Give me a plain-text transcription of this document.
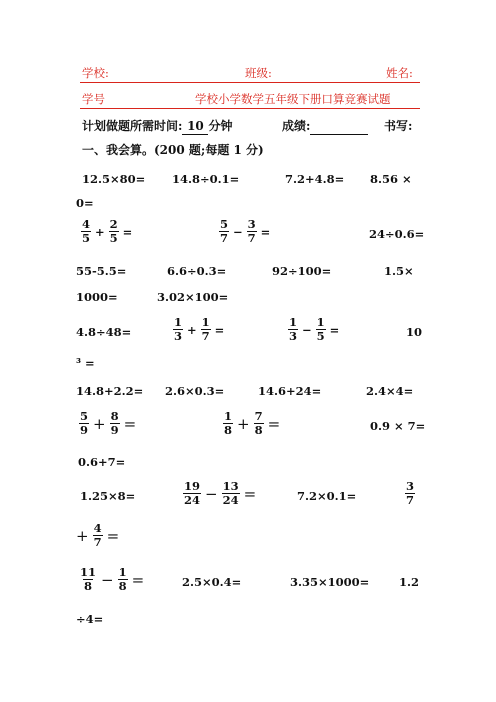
学校:	班级:	姓名:
学号	学校小学数学五年级下册口算竞赛试题
计划做题所需时间: 10 分钟	成绩:	书写:
一、我会算。(200 题;每题 1 分)
12.5×80= 14.8÷0.1=	7.2+4.8= 8.56 ×
0=
$\frac{4}{5} + \frac{2}{5}$ =	$\frac{5}{7} - \frac{3}{7}$ =	24÷0.6=
55-5.5=	6.6÷0.3=	92÷100=	1.5×
1000=	3.02×100=
4.8÷48=	$\frac{1}{3} + \frac{1}{7}$ =	$\frac{1}{3} - \frac{1}{5}$ =	10
³ =
14.8+2.2= 2.6×0.3=	14.6+24=	2.4×4=
$\frac{5}{9} + \frac{8}{9}$ =	$\frac{1}{8} + \frac{7}{8}$ =	0.9 × 7=
0.6+7=
1.25×8=	$\frac{19}{24} - \frac{13}{24}$ =	7.2×0.1=	$\frac{3}{7}$
+ $\frac{4}{7}$ =
$\frac{11}{8} - \frac{1}{8}$ =	2.5×0.4=	3.35×1000=	1.2
÷4=
